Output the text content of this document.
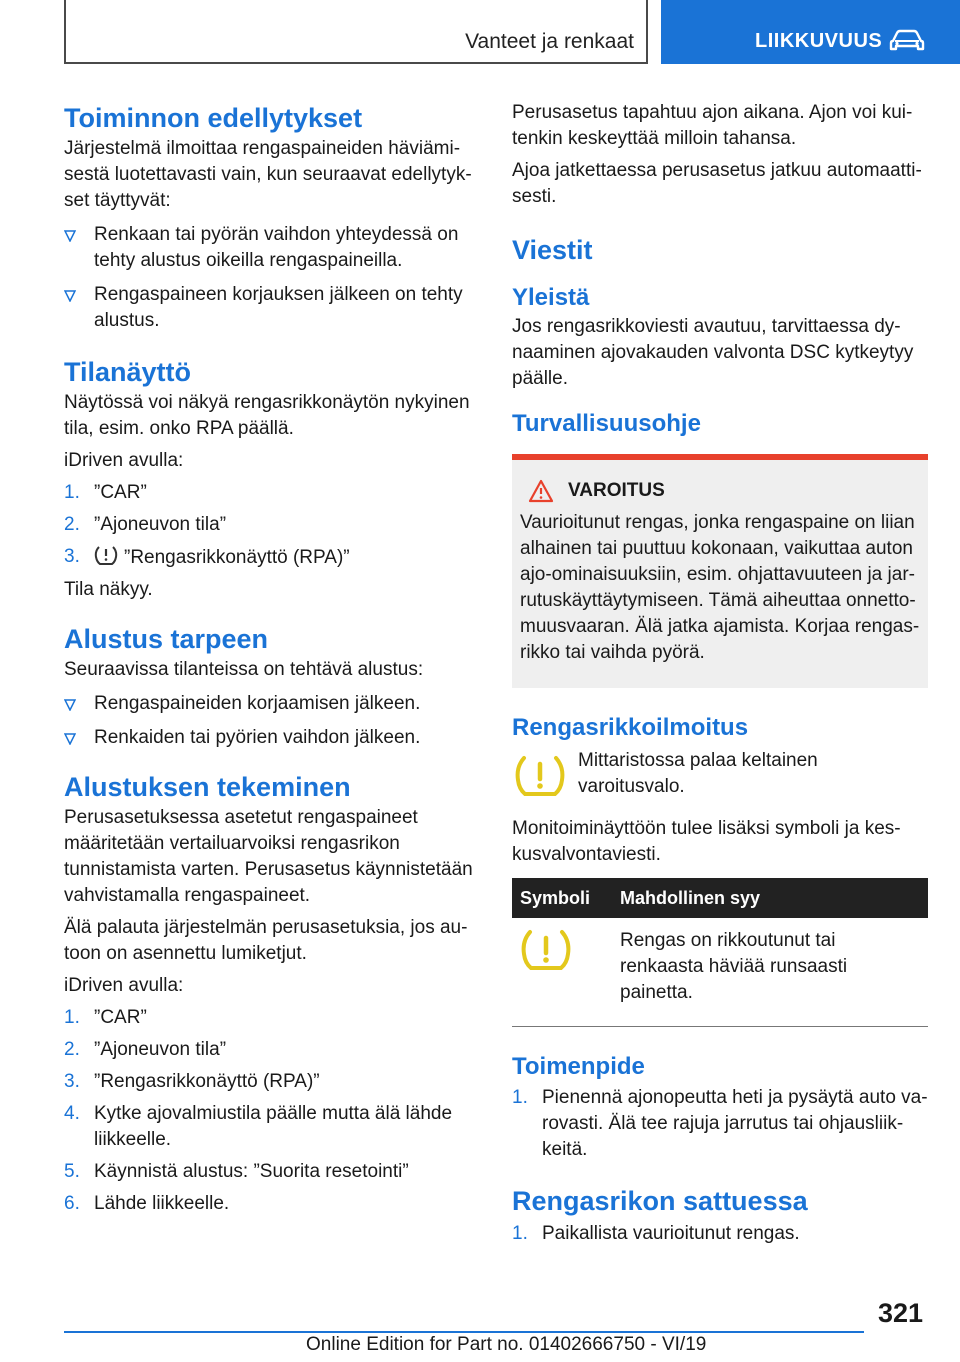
Vanteet ja renkaat	LIIKKUVUUS
Toiminnon edellytykset

Järjestelmä ilmoittaa rengaspaineiden häviämisestä luotettavasti vain, kun seuraavat edellytykset täyttyvät:

Renkaan tai pyörän vaihdon yhteydessä on tehty alustus oikeilla rengaspaineilla.
Rengaspaineen korjauksen jälkeen on tehty alustus.
Tilanäyttö

Näytössä voi näkyä rengasrikkonäytön nykyinen tila, esim. onko RPA päällä.

iDriven avulla:

1. ”CAR”
2. ”Ajoneuvon tila”
3. ”Rengasrikkonäyttö (RPA)”

Tila näkyy.

Alustus tarpeen

Seuraavissa tilanteissa on tehtävä alustus:

Rengaspaineiden korjaamisen jälkeen.
Renkaiden tai pyörien vaihdon jälkeen.
Alustuksen tekeminen

Perusasetuksessa asetetut rengaspaineet määritetään vertailuarvoiksi rengasrikon tunnistamista varten. Perusasetus käynnistetään vahvistamalla rengaspaineet.

Älä palauta järjestelmän perusasetuksia, jos autoon on asennettu lumiketjut.

iDriven avulla:

1. ”CAR”
2. ”Ajoneuvon tila”
3. ”Rengasrikkonäyttö (RPA)”
4. Kytke ajovalmiustila päälle mutta älä lähde liikkeelle.
5. Käynnistä alustus: ”Suorita resetointi”
6. Lähde liikkeelle.

Perusasetus tapahtuu ajon aikana. Ajon voi kuitenkin keskeyttää milloin tahansa.

Ajoa jatkettaessa perusasetus jatkuu automaattisesti.

Viestit
Yleistä

Jos rengasrikkoviesti avautuu, tarvittaessa dynaaminen ajovakauden valvonta DSC kytkeytyy päälle.

Turvallisuusohje
VAROITUS

Vaurioitunut rengas, jonka rengaspaine on liian alhainen tai puuttuu kokonaan, vaikuttaa auton ajo-ominaisuuksiin, esim. ohjattavuuteen ja jarrutuskäyttäytymiseen. Tämä aiheuttaa onnettomuusvaaran. Älä jatka ajamista. Korjaa rengasrikko tai vaihda pyörä.

Rengasrikkoilmoitus

Mittaristossa palaa keltainen varoitusvalo.

Monitoiminäyttöön tulee lisäksi symboli ja keskusvalvontaviesti.

Symboli	Mahdollinen syy
	Rengas on rikkoutunut tai renkaasta häviää runsaasti painetta.
Toimenpide
1. Pienennä ajonopeutta heti ja pysäytä auto varovasti. Älä tee rajuja jarrutus tai ohjausliikkeitä.
Rengasrikon sattuessa
1. Paikallista vaurioitunut rengas.
321
Online Edition for Part no. 01402666750 - VI/19
